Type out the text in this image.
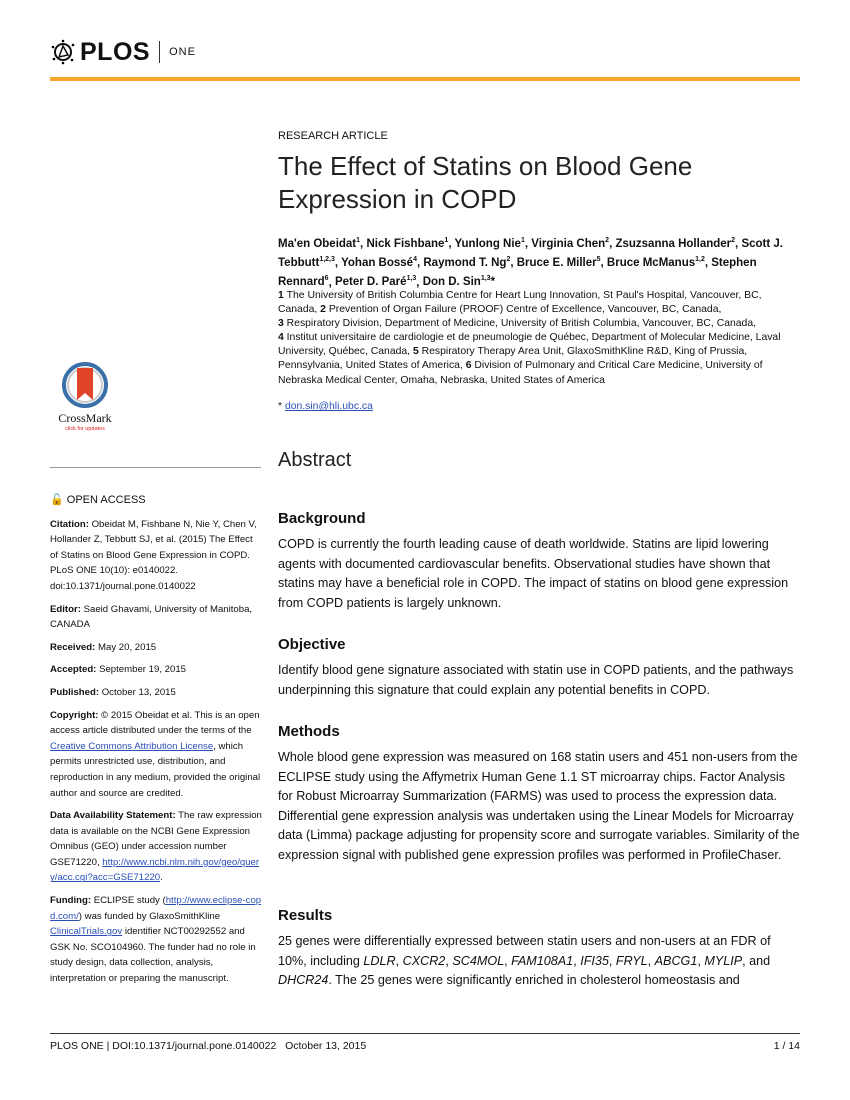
PLOS ONE
RESEARCH ARTICLE
The Effect of Statins on Blood Gene Expression in COPD
Ma'en Obeidat$^1$, Nick Fishbane$^1$, Yunlong Nie$^1$, Virginia Chen$^2$, Zsuzsanna Hollander$^2$, Scott J. Tebbutt$^{1,2,3}$, Yohan Bossé$^4$, Raymond T. Ng$^2$, Bruce E. Miller$^5$, Bruce McManus$^{1,2}$, Stephen Rennard$^6$, Peter D. Paré$^{1,3}$, Don D. Sin$^{1,3}$*
1 The University of British Columbia Centre for Heart Lung Innovation, St Paul's Hospital, Vancouver, BC, Canada, 2 Prevention of Organ Failure (PROOF) Centre of Excellence, Vancouver, BC, Canada,
3 Respiratory Division, Department of Medicine, University of British Columbia, Vancouver, BC, Canada,
4 Institut universitaire de cardiologie et de pneumologie de Québec, Department of Molecular Medicine, Laval University, Québec, Canada, 5 Respiratory Therapy Area Unit, GlaxoSmithKline R&D, King of Prussia, Pennsylvania, United States of America, 6 Division of Pulmonary and Critical Care Medicine, University of Nebraska Medical Center, Omaha, Nebraska, United States of America
* don.sin@hli.ubc.ca
Abstract
Background
COPD is currently the fourth leading cause of death worldwide. Statins are lipid lowering agents with documented cardiovascular benefits. Observational studies have shown that statins may have a beneficial role in COPD. The impact of statins on blood gene expression from COPD patients is largely unknown.
Objective
Identify blood gene signature associated with statin use in COPD patients, and the pathways underpinning this signature that could explain any potential benefits in COPD.
Methods
Whole blood gene expression was measured on 168 statin users and 451 non-users from the ECLIPSE study using the Affymetrix Human Gene 1.1 ST microarray chips. Factor Analysis for Robust Microarray Summarization (FARMS) was used to process the expression data. Differential gene expression analysis was undertaken using the Linear Models for Microarray data (Limma) package adjusting for propensity score and surrogate variables. Similarity of the expression signal with published gene expression profiles was performed in ProfileChaser.
Results
25 genes were differentially expressed between statin users and non-users at an FDR of 10%, including LDLR, CXCR2, SC4MOL, FAM108A1, IFI35, FRYL, ABCG1, MYLIP, and DHCR24. The 25 genes were significantly enriched in cholesterol homeostasis and
CrossMark
click for updates

🔓 OPEN ACCESS

Citation: Obeidat M, Fishbane N, Nie Y, Chen V, Hollander Z, Tebbutt SJ, et al. (2015) The Effect of Statins on Blood Gene Expression in COPD. PLoS ONE 10(10): e0140022. doi:10.1371/journal.pone.0140022

Editor: Saeid Ghavami, University of Manitoba, CANADA

Received: May 20, 2015

Accepted: September 19, 2015

Published: October 13, 2015

Copyright: © 2015 Obeidat et al. This is an open access article distributed under the terms of the Creative Commons Attribution License, which permits unrestricted use, distribution, and reproduction in any medium, provided the original author and source are credited.

Data Availability Statement: The raw expression data is available on the NCBI Gene Expression Omnibus (GEO) under accession number GSE71220, http://www.ncbi.nlm.nih.gov/geo/query/acc.cgi?acc=GSE71220.

Funding: ECLIPSE study (http://www.eclipse-copd.com/) was funded by GlaxoSmithKline ClinicalTrials.gov identifier NCT00292552 and GSK No. SCO104960. The funder had no role in study design, data collection, analysis, interpretation or preparing the manuscript.

PLOS ONE | DOI:10.1371/journal.pone.0140022 October 13, 2015	1 / 14
